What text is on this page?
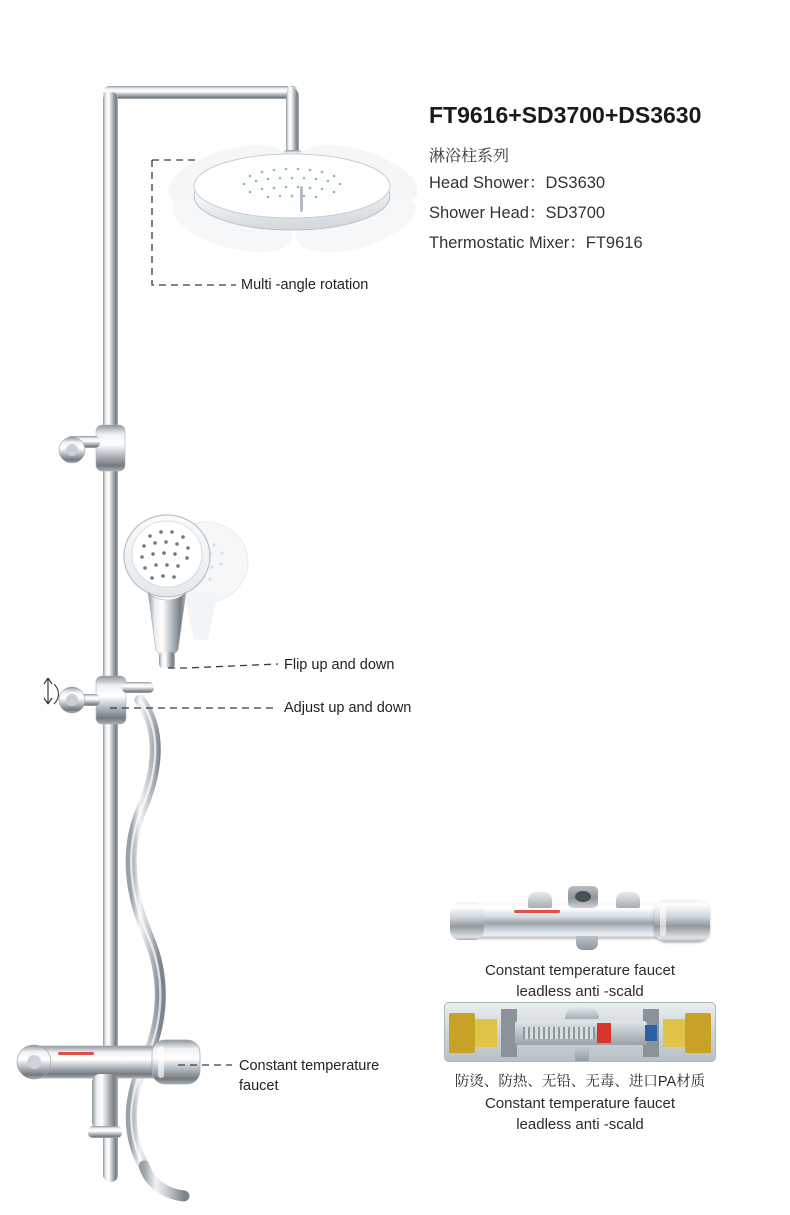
FT9616+SD3700+DS3630
淋浴柱系列
Head Shower：DS3630
Shower Head：SD3700
Thermostatic Mixer：FT9616
Multi -angle rotation
Flip up and down
Adjust up and down
Constant temperature
faucet
Constant temperature faucet
leadless anti -scald
防烫、防热、无铅、无毒、进口PA材质
Constant temperature faucet
leadless anti -scald
